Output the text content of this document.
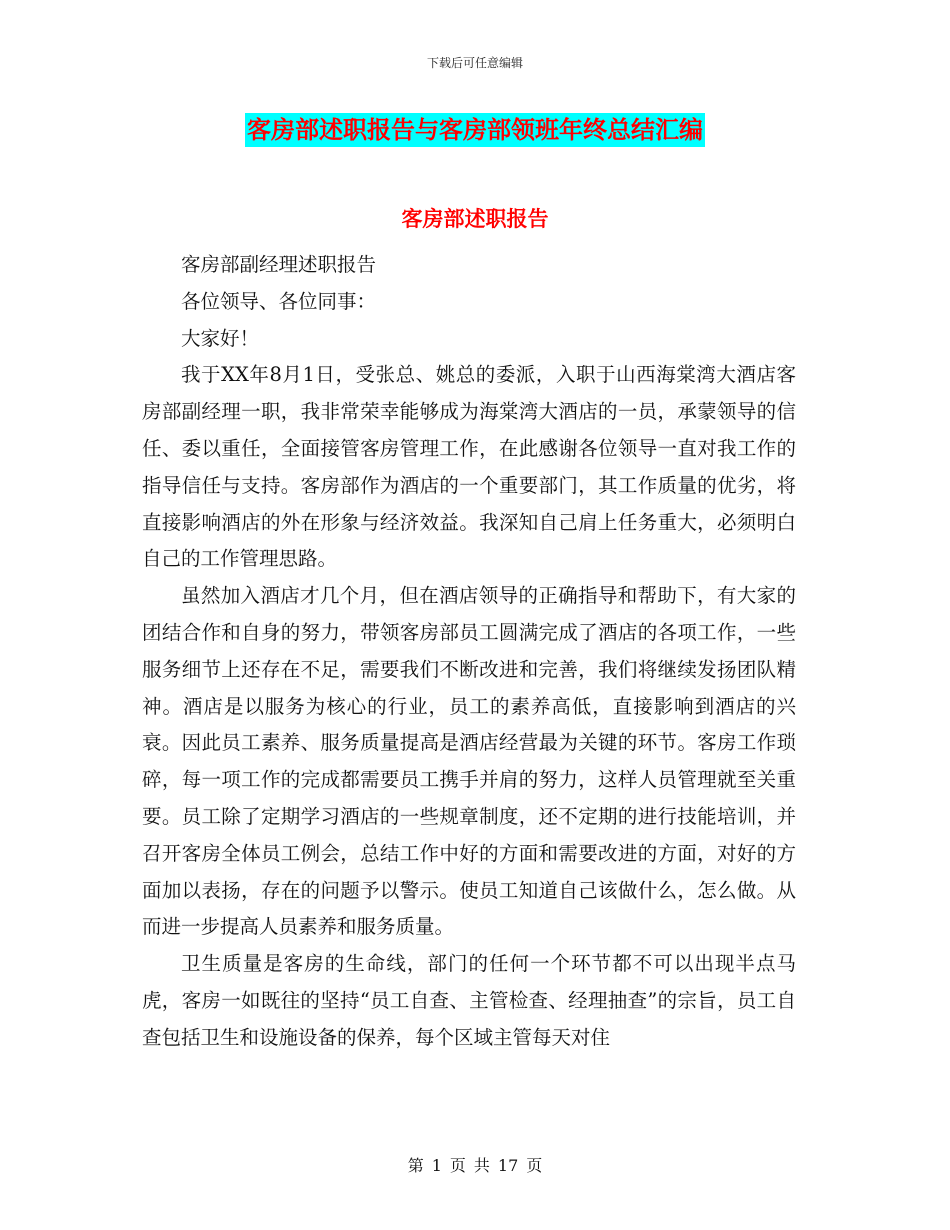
下载后可任意编辑
客房部述职报告与客房部领班年终总结汇编
客房部述职报告

客房部副经理述职报告

各位领导、各位同事：

大家好！

我于XX年8月1日，受张总、姚总的委派，入职于山西海棠湾大酒店客房部副经理一职，我非常荣幸能够成为海棠湾大酒店的一员，承蒙领导的信任、委以重任，全面接管客房管理工作，在此感谢各位领导一直对我工作的指导信任与支持。客房部作为酒店的一个重要部门，其工作质量的优劣，将直接影响酒店的外在形象与经济效益。我深知自己肩上任务重大，必须明白自己的工作管理思路。

虽然加入酒店才几个月，但在酒店领导的正确指导和帮助下，有大家的团结合作和自身的努力，带领客房部员工圆满完成了酒店的各项工作，一些服务细节上还存在不足，需要我们不断改进和完善，我们将继续发扬团队精神。酒店是以服务为核心的行业，员工的素养高低，直接影响到酒店的兴衰。因此员工素养、服务质量提高是酒店经营最为关键的环节。客房工作琐碎，每一项工作的完成都需要员工携手并肩的努力，这样人员管理就至关重要。员工除了定期学习酒店的一些规章制度，还不定期的进行技能培训，并召开客房全体员工例会，总结工作中好的方面和需要改进的方面，对好的方面加以表扬，存在的问题予以警示。使员工知道自己该做什么，怎么做。从而进一步提高人员素养和服务质量。

卫生质量是客房的生命线，部门的任何一个环节都不可以出现半点马虎，客房一如既往的坚持“员工自查、主管检查、经理抽查”的宗旨，员工自查包括卫生和设施设备的保养，每个区域主管每天对住

第 1 页 共 17 页
